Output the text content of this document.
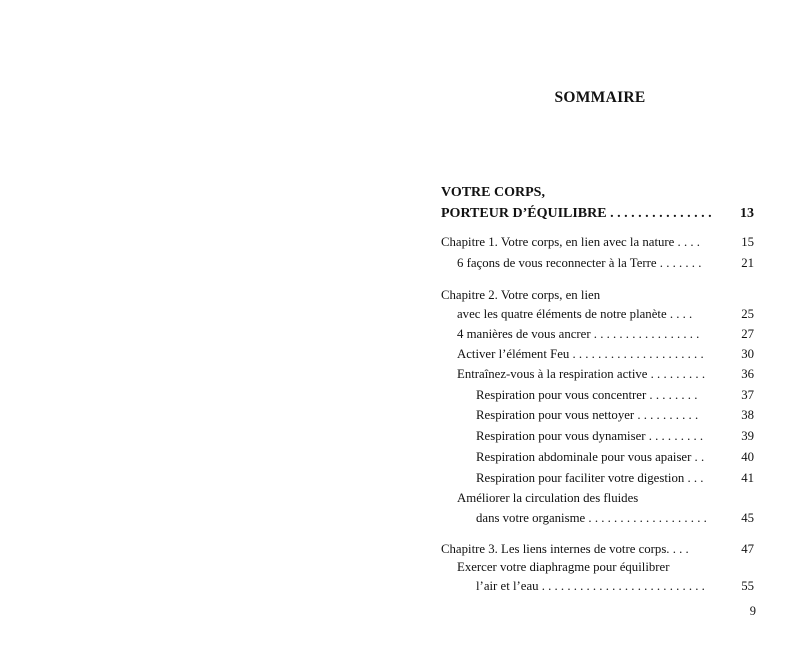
SOMMAIRE
VOTRE CORPS,
PORTEUR D’ÉQUILIBRE . . . . . . . . . . . . . . . 13
Chapitre 1. Votre corps, en lien avec la nature . . . .	15
6 façons de vous reconnecter à la Terre . . . . . . .	21
Chapitre 2. Votre corps, en lien
avec les quatre éléments de notre planète . . . .	25
4 manières de vous ancrer . . . . . . . . . . . . . . . . .	27
Activer l’élément Feu . . . . . . . . . . . . . . . . . . . . .	30
Entraînez-vous à la respiration active . . . . . . . . .	36
Respiration pour vous concentrer . . . . . . . .	37
Respiration pour vous nettoyer . . . . . . . . . .	38
Respiration pour vous dynamiser . . . . . . . . .	39
Respiration abdominale pour vous apaiser . .	40
Respiration pour faciliter votre digestion . . .	41
Améliorer la circulation des fluides
dans votre organisme . . . . . . . . . . . . . . . . . . .	45
Chapitre 3. Les liens internes de votre corps. . . .	47
Exercer votre diaphragme pour équilibrer
l’air et l’eau . . . . . . . . . . . . . . . . . . . . . . . . . .	55
9
